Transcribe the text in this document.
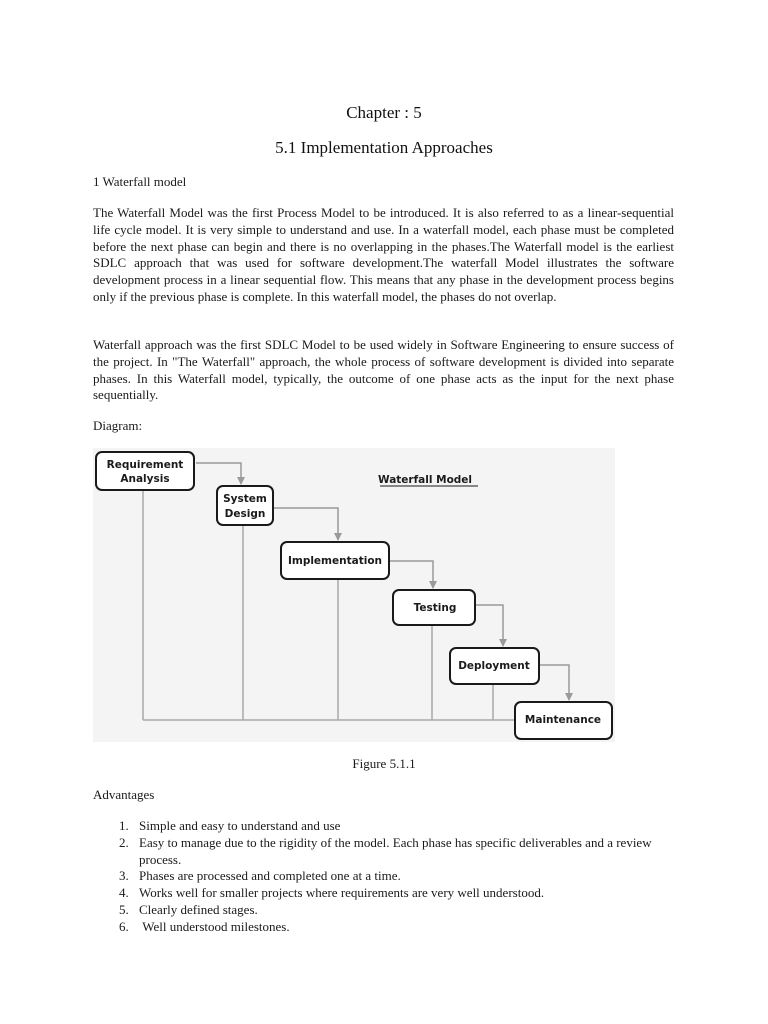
Chapter : 5
5.1 Implementation Approaches
1 Waterfall model

The Waterfall Model was the first Process Model to be introduced. It is also referred to as a linear-sequential life cycle model. It is very simple to understand and use. In a waterfall model, each phase must be completed before the next phase can begin and there is no overlapping in the phases.The Waterfall model is the earliest SDLC approach that was used for software development.The waterfall Model illustrates the software development process in a linear sequential flow. This means that any phase in the development process begins only if the previous phase is complete. In this waterfall model, the phases do not overlap.

Waterfall approach was the first SDLC Model to be used widely in Software Engineering to ensure success of the project. In "The Waterfall" approach, the whole process of software development is divided into separate phases. In this Waterfall model, typically, the outcome of one phase acts as the input for the next phase sequentially.

Diagram:
Waterfall Model
Requirement
Analysis
System
Design
Implementation
Testing
Deployment
Maintenance
Figure 5.1.1
Advantages
1. Simple and easy to understand and use
2. Easy to manage due to the rigidity of the model. Each phase has specific deliverables and a review process.
3. Phases are processed and completed one at a time.
4. Works well for smaller projects where requirements are very well understood.
5. Clearly defined stages.
6. Well understood milestones.
